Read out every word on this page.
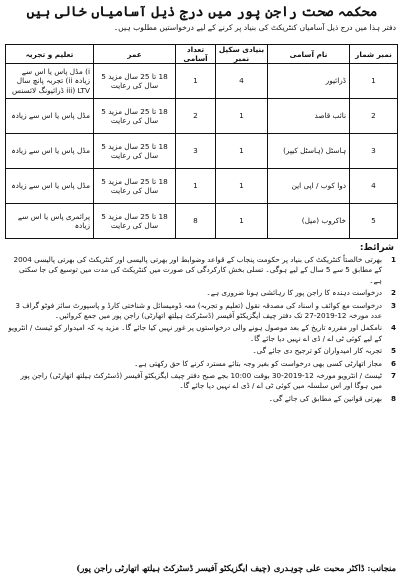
محکمہ صحت راجن پور میں درج ذیل آسامیاں خالی ہیں
دفتر ہذا میں درج ذیل آسامیاں کنٹریکٹ کی بنیاد پر کرنے کے لیے درخواستیں مطلوب ہیں۔
نمبر شمار	نام آسامی	بنیادی سکیل نمبر	تعداد آسامی	عمر	تعلیم و تجربہ
1	ڈرائیور	4	1	18 تا 25 سال مزید 5 سال کی رعایت	i) مڈل پاس یا اس سے زیادہ ii) تجربہ پانچ سال iii) LTV ڈرائیونگ لائسنس
2	نائب قاصد	1	2	18 تا 25 سال مزید 5 سال کی رعایت	مڈل پاس یا اس سے زیادہ
3	ہاسٹل (ہاسٹل کیپر)	1	3	18 تا 25 سال مزید 5 سال کی رعایت	مڈل پاس یا اس سے زیادہ
4	دوا کوب / اپی این	1	1	18 تا 25 سال مزید 5 سال کی رعایت	مڈل پاس یا اس سے زیادہ
5	خاکروب (میل)	1	8	18 تا 25 سال مزید 5 سال کی رعایت	پرائمری پاس یا اس سے زیادہ
شرائط:
1
بھرتی خالصتاً کنٹریکٹ کی بنیاد پر حکومت پنجاب کے قواعد وضوابط اور بھرتی پالیسی اور کنٹریکٹ کی بھرتی پالیسی 2004 کے مطابق 5 سے 5 سال کے لیے ہوگی۔ تسلی بخش کارکردگی کی صورت میں کنٹریکٹ کی مدت میں توسیع کی جا سکتی ہے۔
2
درخواست دہندہ کا راجن پور کا رہائشی ہونا ضروری ہے۔
3
درخواست مع کوائف و اسناد کی مصدقہ نقول (تعلیم و تجربہ) معہ ڈومیسائل و شناختی کارڈ و پاسپورٹ سائز فوٹو گراف 3 عدد مورخہ 12-2019-27 تک دفتر چیف ایگزیکٹو آفیسر (ڈسٹرکٹ ہیلتھ اتھارٹی) راجن پور میں جمع کروائیں۔
4
نامکمل اور مقررہ تاریخ کے بعد موصول ہونے والی درخواستوں پر غور نہیں کیا جائے گا۔ مزید یہ کہ امیدوار کو ٹیسٹ / انٹرویو کے لیے کوئی ٹی اے / ڈی اے نہیں دیا جائے گا۔
5
تجربہ کار امیدواران کو ترجیح دی جائے گی۔
6
مجاز اتھارٹی کسی بھی درخواست کو بغیر وجہ بتائے مسترد کرنے کا حق رکھتی ہے۔
7
ٹیسٹ / انٹرویو مورخہ 12-2019-30 بوقت 10:00 بجے صبح دفتر چیف ایگزیکٹو آفیسر (ڈسٹرکٹ ہیلتھ اتھارٹی) راجن پور میں ہوگا اور اس سلسلہ میں کوئی ٹی اے / ڈی اے نہیں دیا جائے گا۔
8
بھرتی قوانین کے مطابق کی جائے گی۔
منجانب: ڈاکٹر محبت علی چوہدری (چیف ایگزیکٹو آفیسر ڈسٹرکٹ ہیلتھ اتھارٹی راجن پور)
